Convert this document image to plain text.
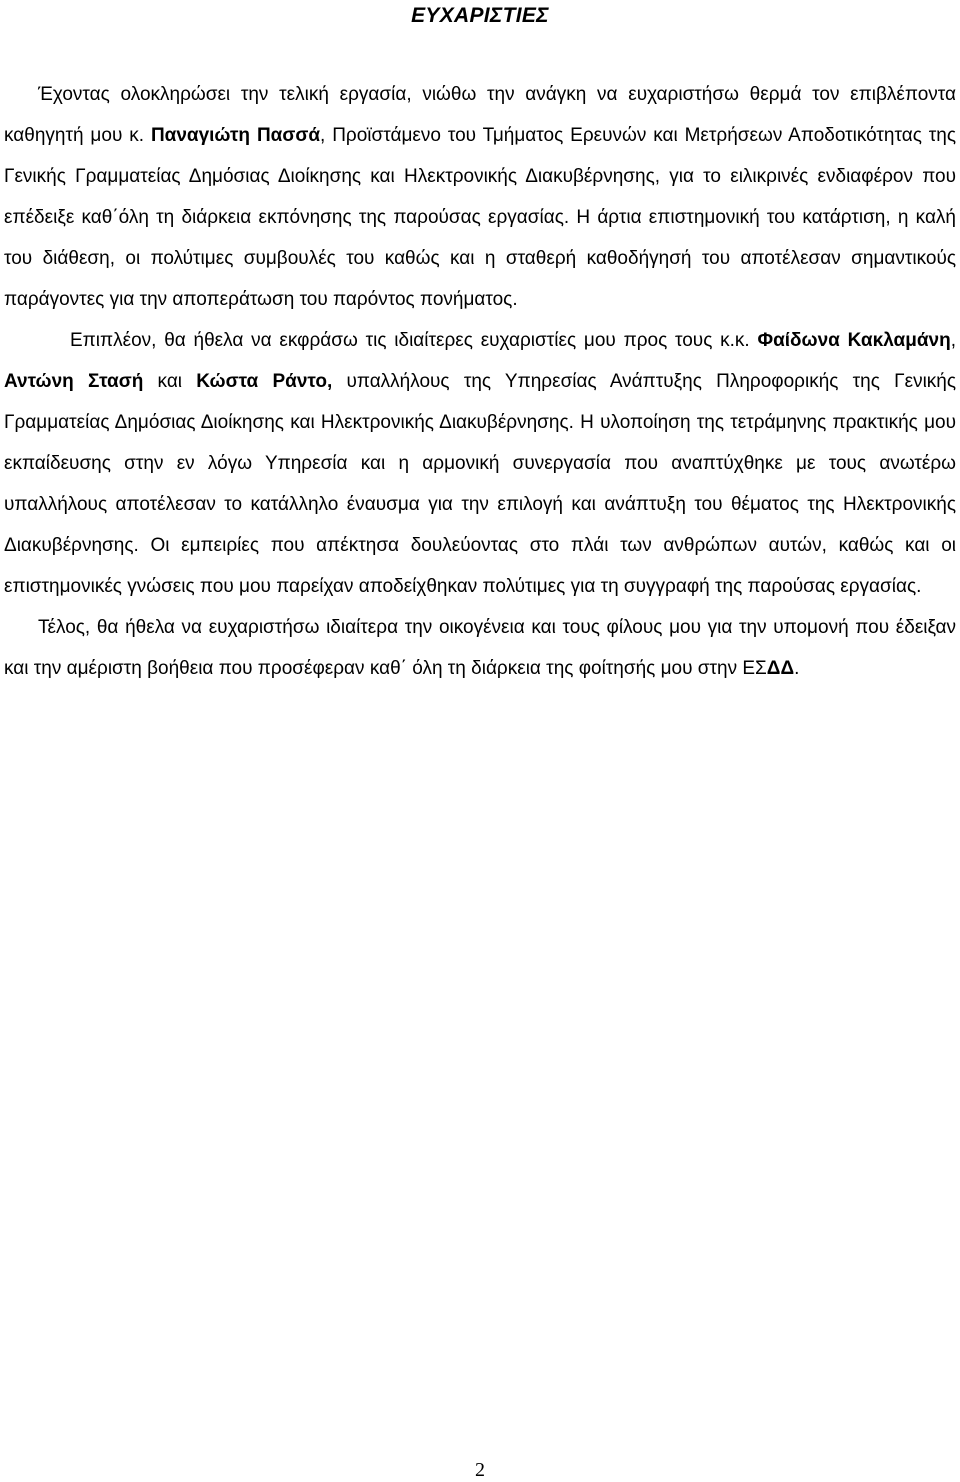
ΕΥΧΑΡΙΣΤΙΕΣ

Έχοντας ολοκληρώσει την τελική εργασία, νιώθω την ανάγκη να ευχαριστήσω θερμά τον επιβλέποντα καθηγητή μου κ. Παναγιώτη Πασσά, Προϊστάμενο του Τμήματος Ερευνών και Μετρήσεων Αποδοτικότητας της Γενικής Γραμματείας Δημόσιας Διοίκησης και Ηλεκτρονικής Διακυβέρνησης, για το ειλικρινές ενδιαφέρον που επέδειξε καθ΄όλη τη διάρκεια εκπόνησης της παρούσας εργασίας. Η άρτια επιστημονική του κατάρτιση, η καλή του διάθεση, οι πολύτιμες συμβουλές του καθώς και η σταθερή καθοδήγησή του αποτέλεσαν σημαντικούς παράγοντες για την αποπεράτωση του παρόντος πονήματος.

Επιπλέον, θα ήθελα να εκφράσω τις ιδιαίτερες ευχαριστίες μου προς τους κ.κ. Φαίδωνα Κακλαμάνη, Αντώνη Στασή και Κώστα Ράντο, υπαλλήλους της Υπηρεσίας Ανάπτυξης Πληροφορικής της Γενικής Γραμματείας Δημόσιας Διοίκησης και Ηλεκτρονικής Διακυβέρνησης. Η υλοποίηση της τετράμηνης πρακτικής μου εκπαίδευσης στην εν λόγω Υπηρεσία και η αρμονική συνεργασία που αναπτύχθηκε με τους ανωτέρω υπαλλήλους αποτέλεσαν το κατάλληλο έναυσμα για την επιλογή και ανάπτυξη του θέματος της Ηλεκτρονικής Διακυβέρνησης. Οι εμπειρίες που απέκτησα δουλεύοντας στο πλάι των ανθρώπων αυτών, καθώς και οι επιστημονικές γνώσεις που μου παρείχαν αποδείχθηκαν πολύτιμες για τη συγγραφή της παρούσας εργασίας.

Τέλος, θα ήθελα να ευχαριστήσω ιδιαίτερα την οικογένεια και τους φίλους μου για την υπομονή που έδειξαν και την αμέριστη βοήθεια που προσέφεραν καθ΄ όλη τη διάρκεια της φοίτησής μου στην ΕΣΔΔ.

2
